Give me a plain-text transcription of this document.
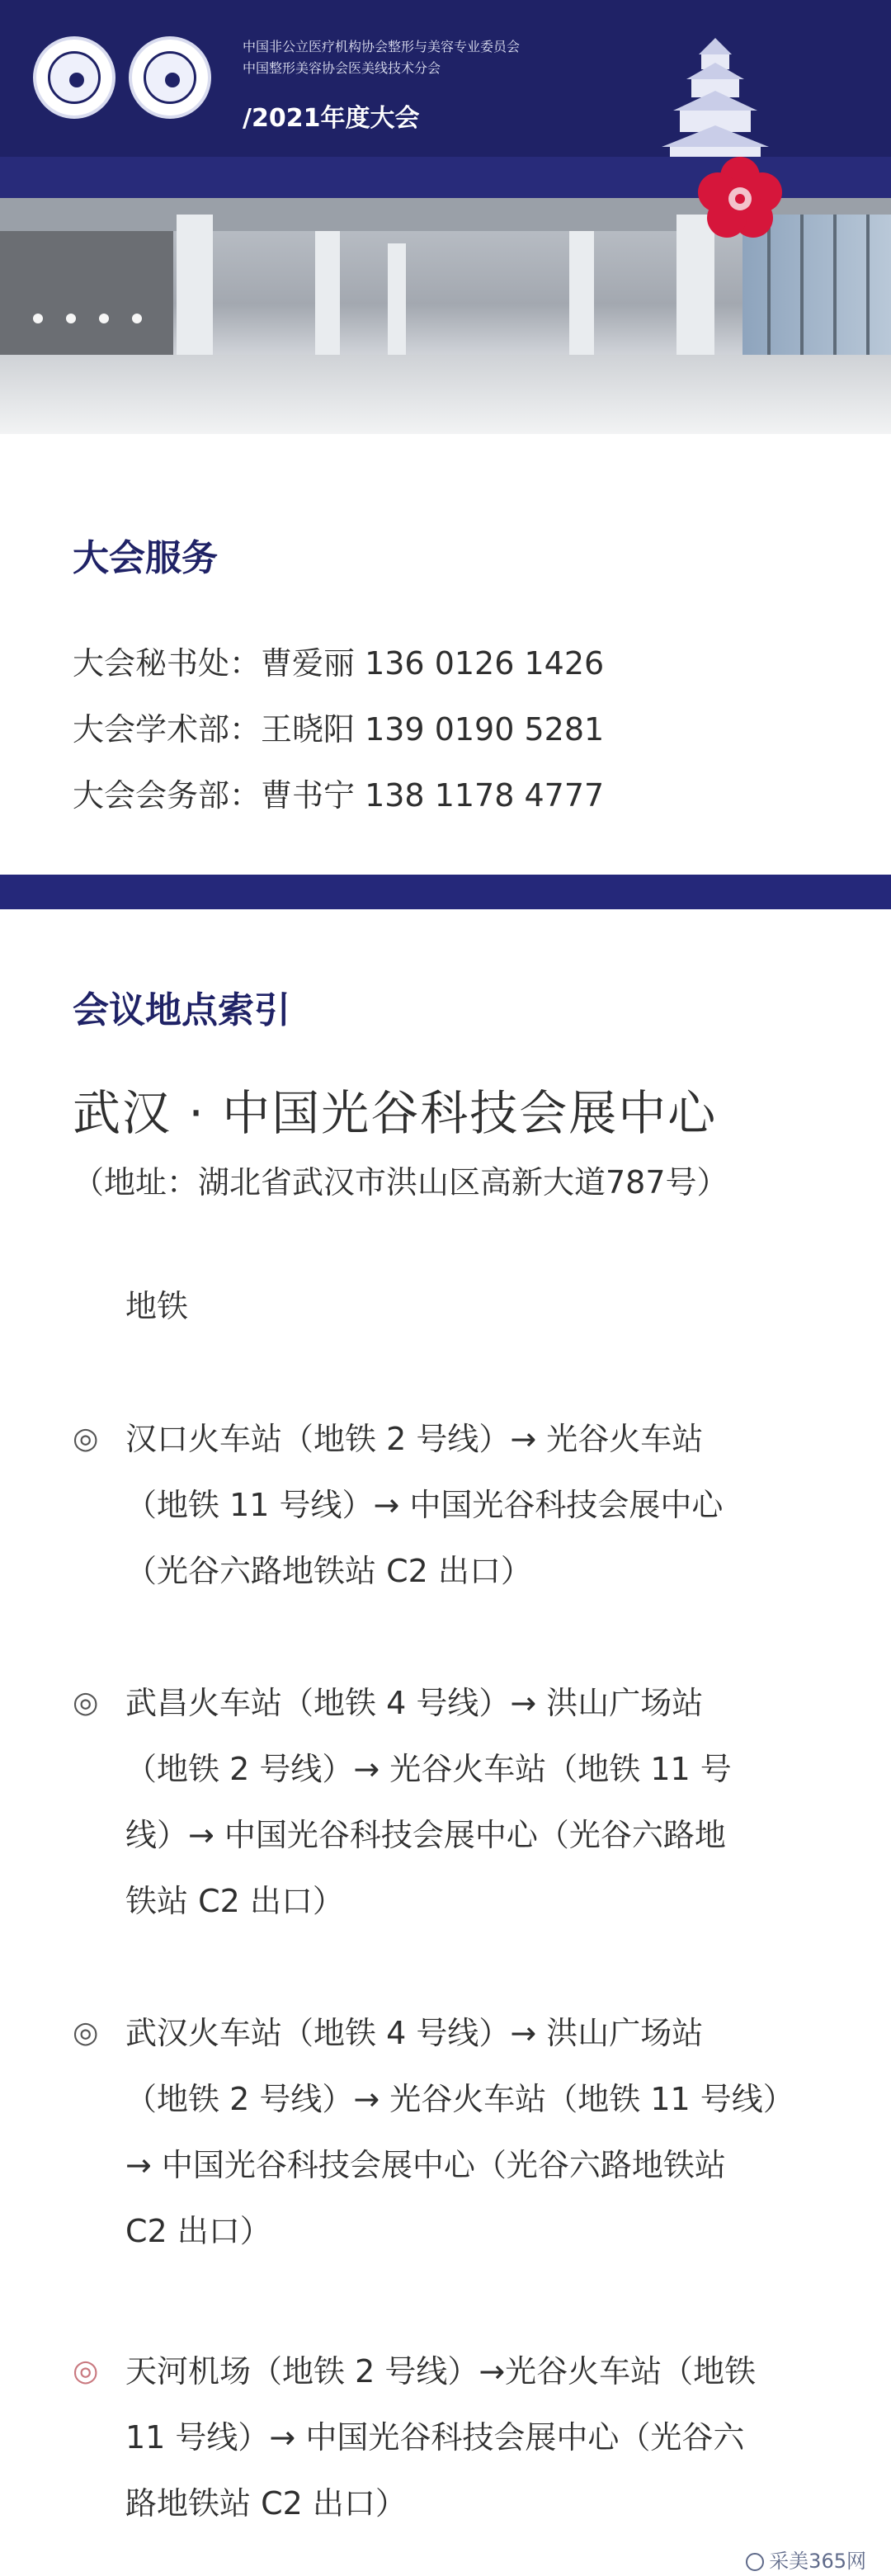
中国非公立医疗机构协会整形与美容专业委员会
中国整形美容协会医美线技术分会
/2021年度大会
大会服务
大会秘书处：曹爱丽 136 0126 1426
大会学术部：王晓阳 139 0190 5281
大会会务部：曹书宁 138 1178 4777
会议地点索引
武汉 · 中国光谷科技会展中心
（地址：湖北省武汉市洪山区高新大道787号）
地铁
◎ 汉口火车站（地铁 2 号线）→ 光谷火车站
（地铁 11 号线）→ 中国光谷科技会展中心
（光谷六路地铁站 C2 出口）
◎ 武昌火车站（地铁 4 号线）→ 洪山广场站
（地铁 2 号线）→ 光谷火车站（地铁 11 号
线）→ 中国光谷科技会展中心（光谷六路地
铁站 C2 出口）
◎ 武汉火车站（地铁 4 号线）→ 洪山广场站
（地铁 2 号线）→ 光谷火车站（地铁 11 号线）
→ 中国光谷科技会展中心（光谷六路地铁站
C2 出口）
◎ 天河机场（地铁 2 号线）→光谷火车站（地铁
11 号线）→ 中国光谷科技会展中心（光谷六
路地铁站 C2 出口）
采美365网
